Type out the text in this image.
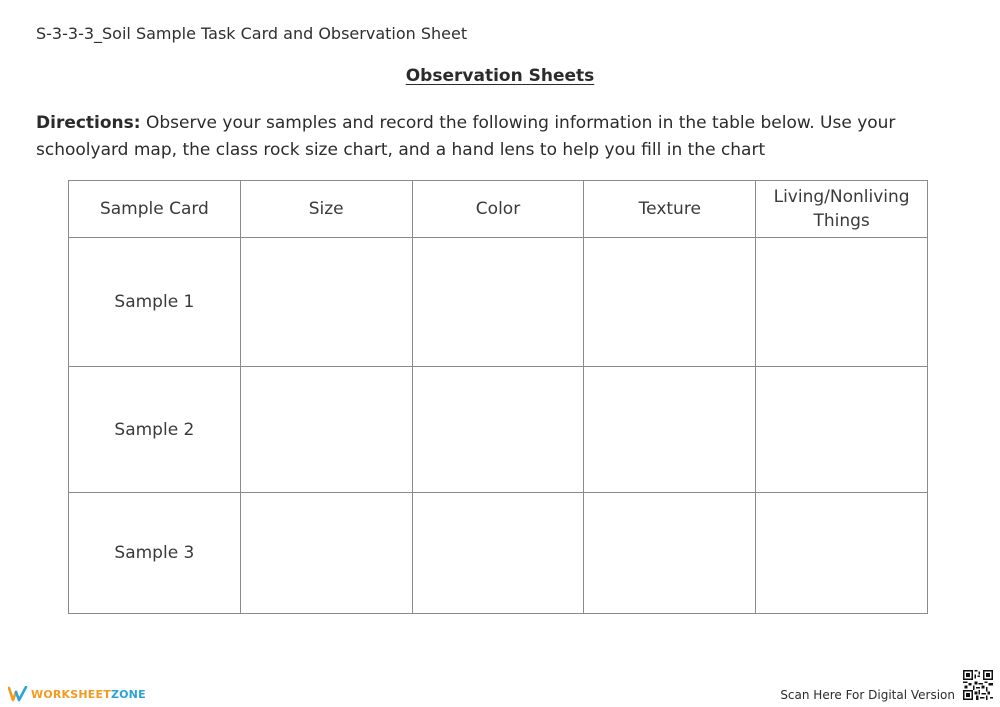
S-3-3-3_Soil Sample Task Card and Observation Sheet
Observation Sheets
Directions: Observe your samples and record the following information in the table below. Use your schoolyard map, the class rock size chart, and a hand lens to help you fill in the chart
Sample Card	Size	Color	Texture	Living/Nonliving Things
Sample 1				
Sample 2				
Sample 3				
WORKSHEETZONE	Scan Here For Digital Version
